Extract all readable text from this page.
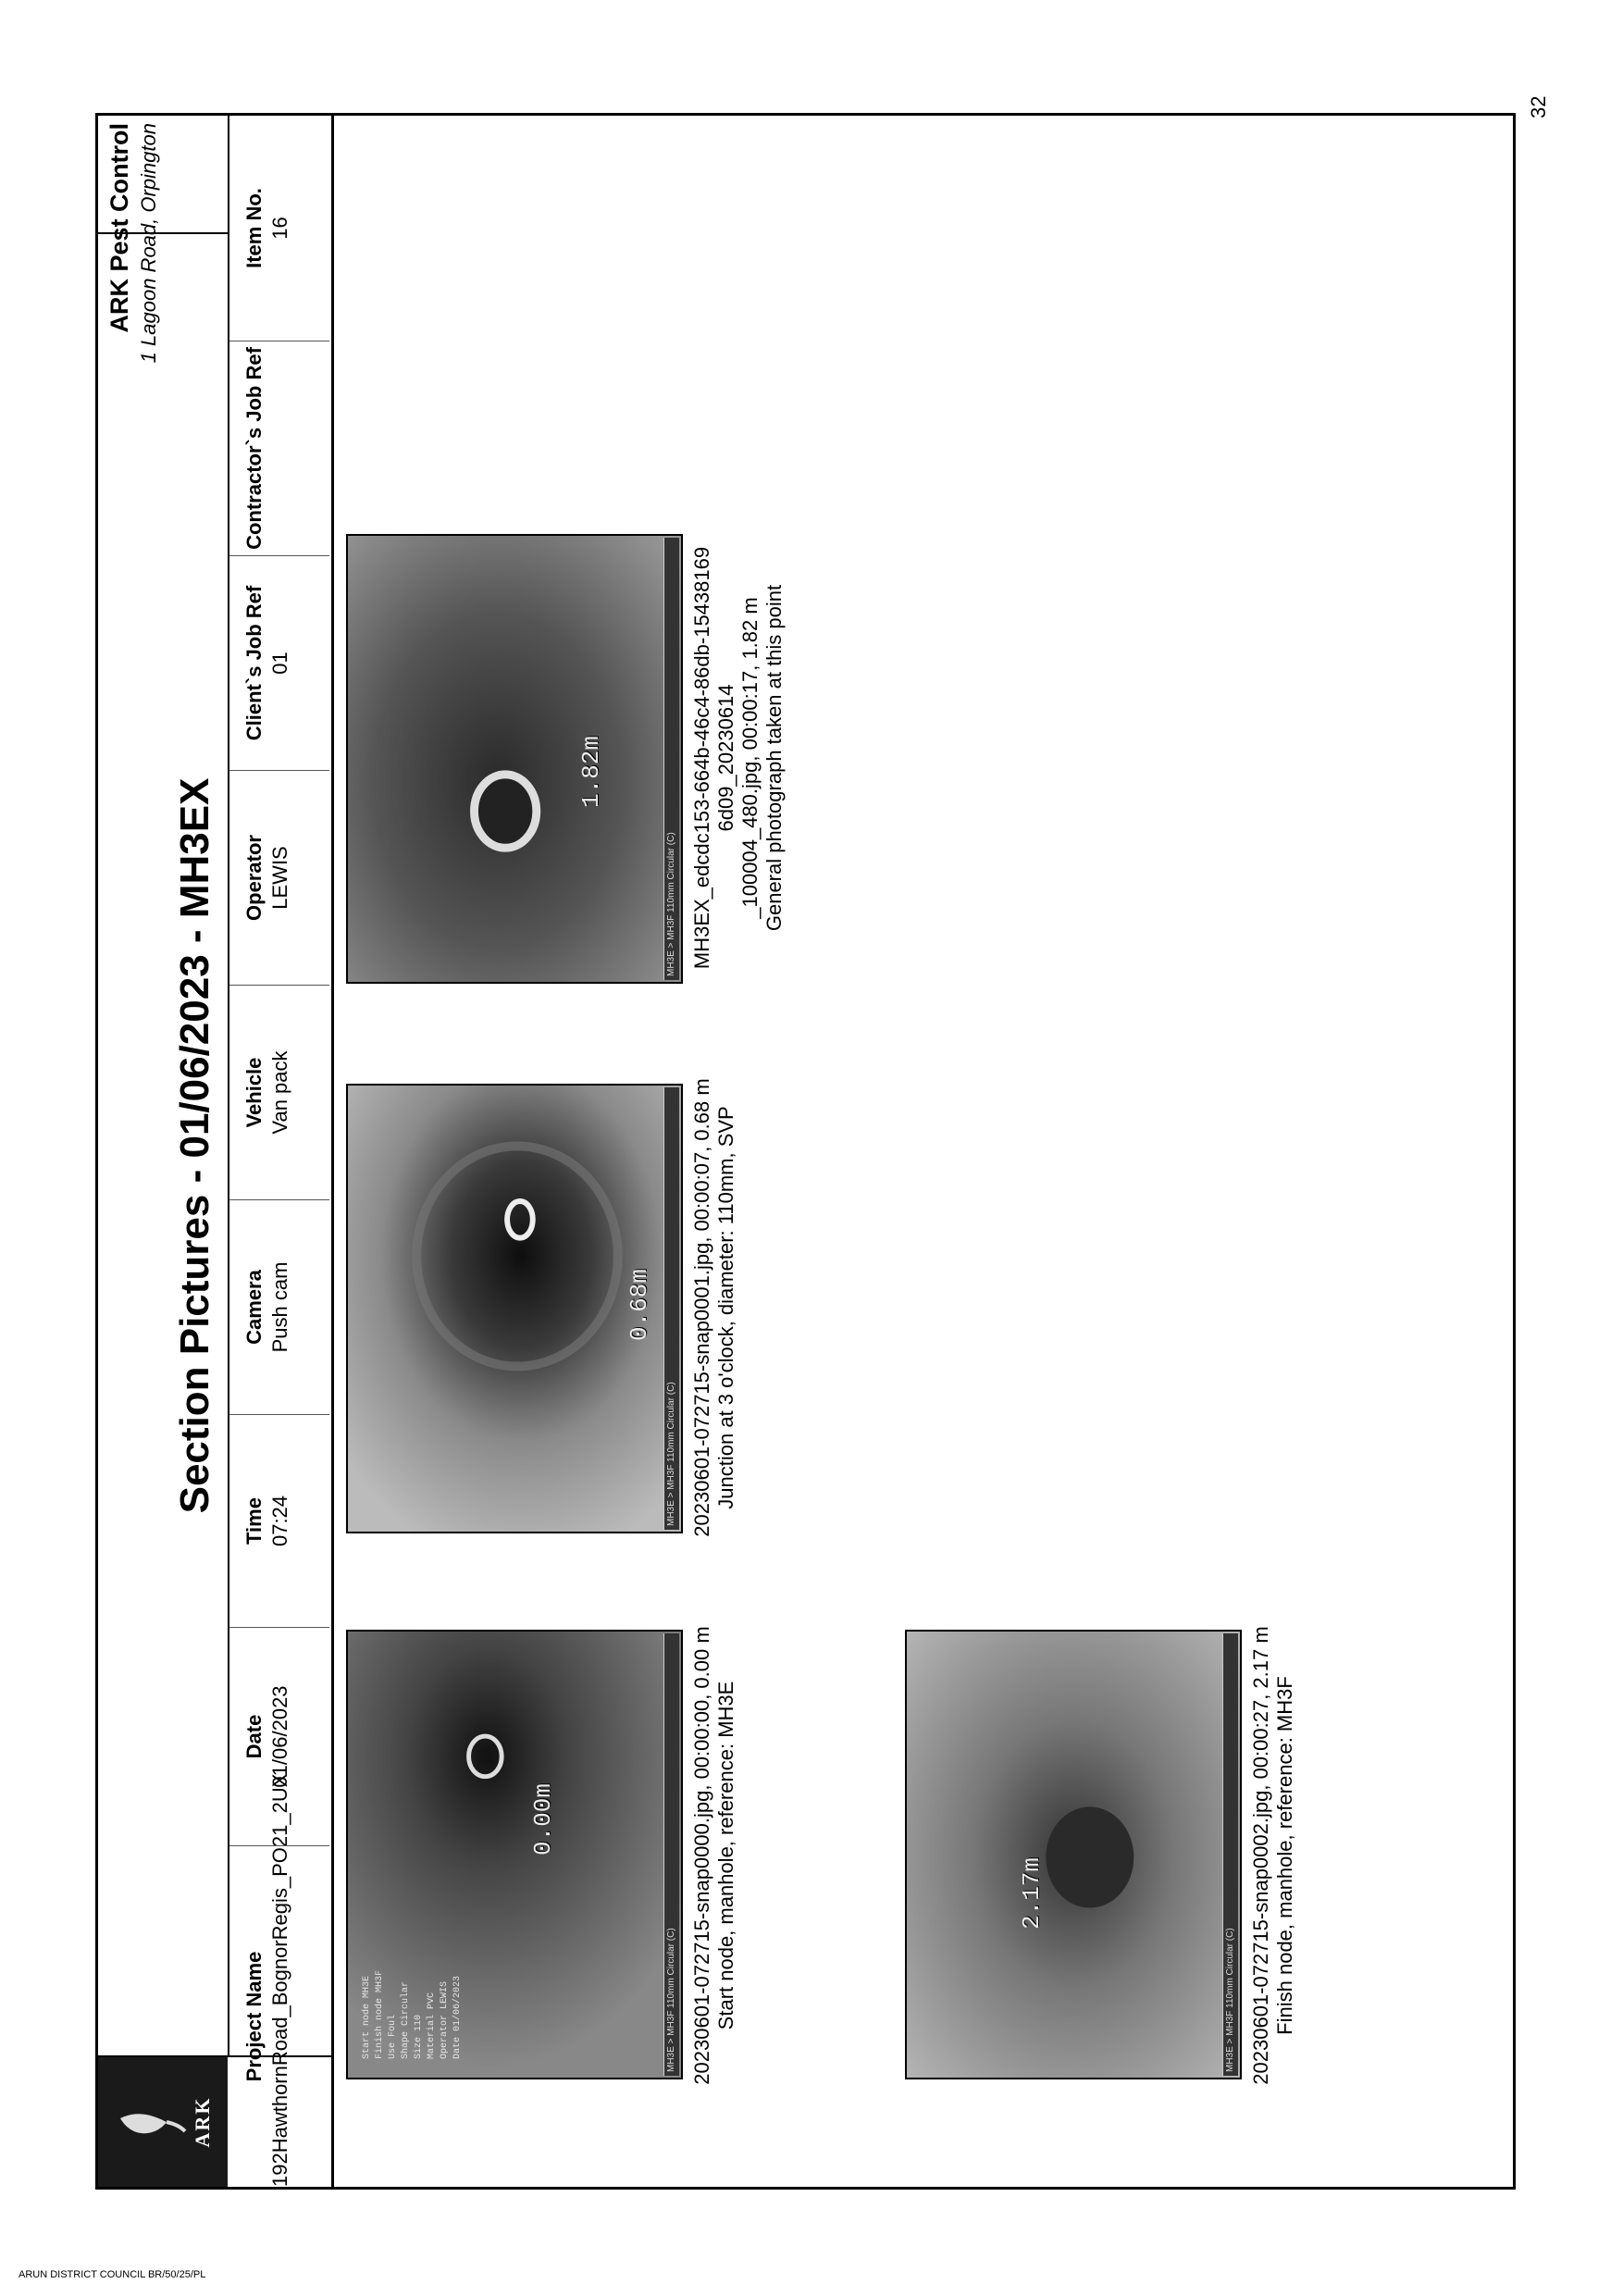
ARK
Section Pictures - 01/06/2023 - MH3EX
ARK Pest Control 1 Lagoon Road, Orpington
Project Name 192HawthornRoad_BognorRegis_PO21_2UX
Date 01/06/2023
Time 07:24
Camera Push cam
Vehicle Van pack
Operator LEWIS
Client`s Job Ref 01
Contractor`s Job Ref
Item No. 16
Start node MH3E Finish node MH3F Use Foul Shape Circular Size 110 Material PVC Operator LEWIS Date 01/06/2023
0.00m
MH3E > MH3F 110mm Circular (C) 20230601-072715-snap0000.jpg, 00:00:00, 0.00 m Start node, manhole, reference: MH3E
0.68m
MH3E > MH3F 110mm Circular (C) 20230601-072715-snap0001.jpg, 00:00:07, 0.68 m Junction at 3 o'clock, diameter: 110mm, SVP
1.82m
MH3E > MH3F 110mm Circular (C) MH3EX_edcdc153-664b-46c4-86db-15438169 6d09_20230614 _100004_480.jpg, 00:00:17, 1.82 m General photograph taken at this point
2.17m
MH3E > MH3F 110mm Circular (C) 20230601-072715-snap0002.jpg, 00:00:27, 2.17 m Finish node, manhole, reference: MH3F
32
ARUN DISTRICT COUNCIL BR/50/25/PL
